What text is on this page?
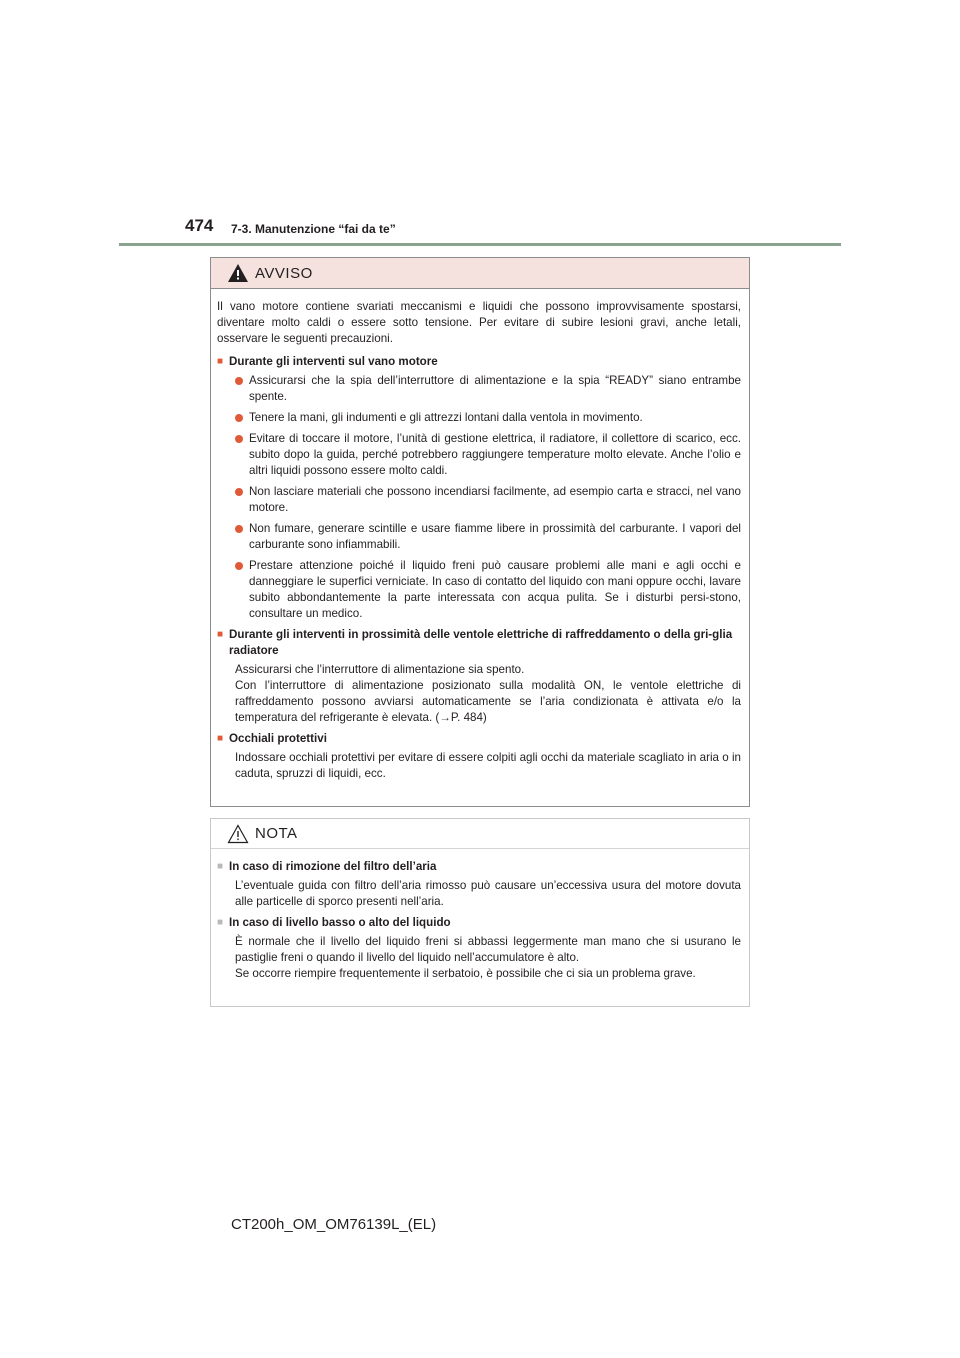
474 7-3. Manutenzione “fai da te”
AVVISO

Il vano motore contiene svariati meccanismi e liquidi che possono improvvisamente spostarsi, diventare molto caldi o essere sotto tensione. Per evitare di subire lesioni gravi, anche letali, osservare le seguenti precauzioni.

■ Durante gli interventi sul vano motore
Assicurarsi che la spia dell’interruttore di alimentazione e la spia “READY” siano entrambe spente.
Tenere la mani, gli indumenti e gli attrezzi lontani dalla ventola in movimento.
Evitare di toccare il motore, l’unità di gestione elettrica, il radiatore, il collettore di scarico, ecc. subito dopo la guida, perché potrebbero raggiungere temperature molto elevate. Anche l’olio e altri liquidi possono essere molto caldi.
Non lasciare materiali che possono incendiarsi facilmente, ad esempio carta e stracci, nel vano motore.
Non fumare, generare scintille e usare fiamme libere in prossimità del carburante. I vapori del carburante sono infiammabili.
Prestare attenzione poiché il liquido freni può causare problemi alle mani e agli occhi e danneggiare le superfici verniciate. In caso di contatto del liquido con mani oppure occhi, lavare subito abbondantemente la parte interessata con acqua pulita. Se i disturbi persi-stono, consultare un medico.
■ Durante gli interventi in prossimità delle ventole elettriche di raffreddamento o della gri-glia radiatore

Assicurarsi che l’interruttore di alimentazione sia spento.

Con l’interruttore di alimentazione posizionato sulla modalità ON, le ventole elettriche di raffreddamento possono avviarsi automaticamente se l’aria condizionata è attivata e/o la temperatura del refrigerante è elevata. (→P. 484)

■ Occhiali protettivi

Indossare occhiali protettivi per evitare di essere colpiti agli occhi da materiale scagliato in aria o in caduta, spruzzi di liquidi, ecc.

NOTA
■ In caso di rimozione del filtro dell’aria

L’eventuale guida con filtro dell’aria rimosso può causare un’eccessiva usura del motore dovuta alle particelle di sporco presenti nell’aria.

■ In caso di livello basso o alto del liquido

È normale che il livello del liquido freni si abbassi leggermente man mano che si usurano le pastiglie freni o quando il livello del liquido nell’accumulatore è alto.

Se occorre riempire frequentemente il serbatoio, è possibile che ci sia un problema grave.

CT200h_OM_OM76139L_(EL)
